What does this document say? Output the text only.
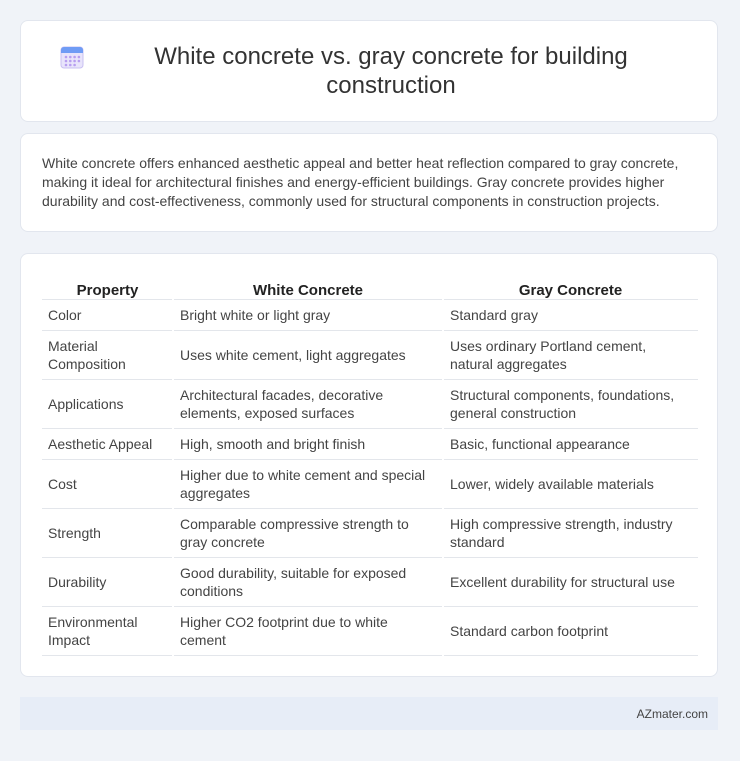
White concrete vs. gray concrete for building construction

White concrete offers enhanced aesthetic appeal and better heat reflection compared to gray concrete, making it ideal for architectural finishes and energy-efficient buildings. Gray concrete provides higher durability and cost-effectiveness, commonly used for structural components in construction projects.

Property	White Concrete	Gray Concrete
Color	Bright white or light gray	Standard gray
Material Composition	Uses white cement, light aggregates	Uses ordinary Portland cement, natural aggregates
Applications	Architectural facades, decorative elements, exposed surfaces	Structural components, foundations, general construction
Aesthetic Appeal	High, smooth and bright finish	Basic, functional appearance
Cost	Higher due to white cement and special aggregates	Lower, widely available materials
Strength	Comparable compressive strength to gray concrete	High compressive strength, industry standard
Durability	Good durability, suitable for exposed conditions	Excellent durability for structural use
Environmental Impact	Higher CO2 footprint due to white cement	Standard carbon footprint
AZmater.com
